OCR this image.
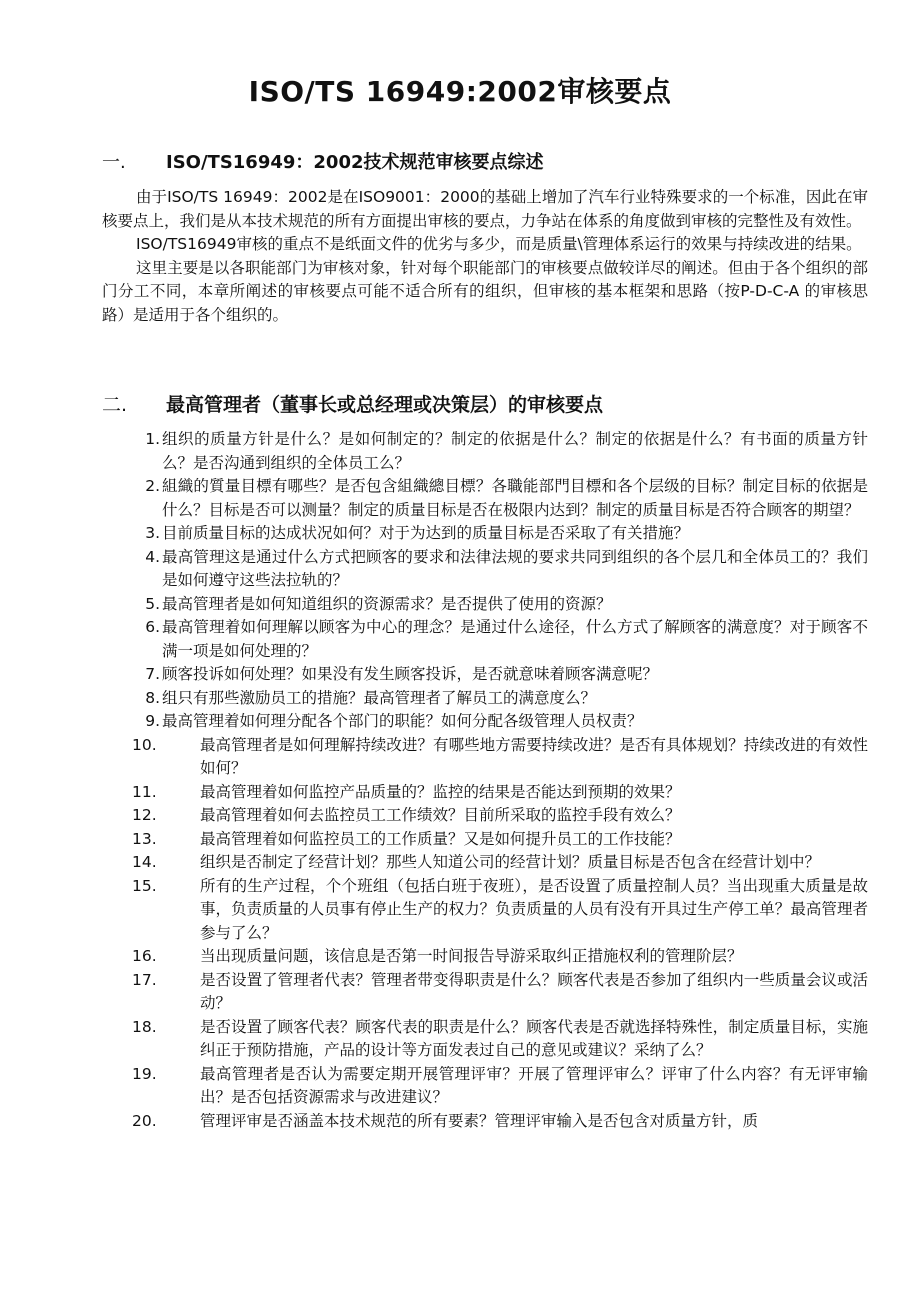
ISO/TS 16949:2002审核要点
一. ISO/TS16949：2002技术规范审核要点综述

由于ISO/TS 16949：2002是在ISO9001：2000的基础上增加了汽车行业特殊要求的一个标准，因此在审核要点上，我们是从本技术规范的所有方面提出审核的要点，力争站在体系的角度做到审核的完整性及有效性。

ISO/TS16949审核的重点不是纸面文件的优劣与多少，而是质量\管理体系运行的效果与持续改进的结果。

这里主要是以各职能部门为审核对象，针对每个职能部门的审核要点做较详尽的阐述。但由于各个组织的部门分工不同，本章所阐述的审核要点可能不适合所有的组织，但审核的基本框架和思路（按P-D-C-A 的审核思路）是适用于各个组织的。

二. 最高管理者（董事长或总经理或决策层）的审核要点
1. 组织的质量方针是什么？是如何制定的？制定的依据是什么？制定的依据是什么？有书面的质量方针么？是否沟通到组织的全体员工么？
2. 組織的質量目標有哪些？是否包含組織總目標？各職能部門目標和各个层级的目标？制定目标的依据是什么？目标是否可以测量？制定的质量目标是否在极限内达到？制定的质量目标是否符合顾客的期望？
3. 目前质量目标的达成状况如何？对于为达到的质量目标是否采取了有关措施？
4. 最高管理这是通过什么方式把顾客的要求和法律法规的要求共同到组织的各个层几和全体员工的？我们是如何遵守这些法拉轨的？
5. 最高管理者是如何知道组织的资源需求？是否提供了使用的资源？
6. 最高管理着如何理解以顾客为中心的理念？是通过什么途径，什么方式了解顾客的满意度？对于顾客不满一项是如何处理的？
7. 顾客投诉如何处理？如果没有发生顾客投诉，是否就意味着顾客满意呢？
8. 组只有那些激励员工的措施？最高管理者了解员工的满意度么？
9. 最高管理着如何理分配各个部门的职能？如何分配各级管理人员权责？
10.	最高管理者是如何理解持续改进？有哪些地方需要持续改进？是否有具体规划？持续改进的有效性如何？
11.	最高管理着如何监控产品质量的？监控的结果是否能达到预期的效果？
12.	最高管理着如何去监控员工工作绩效？目前所采取的监控手段有效么？
13.	最高管理着如何监控员工的工作质量？又是如何提升员工的工作技能？
14.	组织是否制定了经营计划？那些人知道公司的经营计划？质量目标是否包含在经营计划中？
15.	所有的生产过程，个个班组（包括白班于夜班），是否设置了质量控制人员？当出现重大质量是故事，负责质量的人员事有停止生产的权力？负责质量的人员有没有开具过生产停工单？最高管理者参与了么？
16.	当出现质量问题，该信息是否第一时间报告导游采取纠正措施权利的管理阶层？
17.	是否设置了管理者代表？管理者带变得职责是什么？顾客代表是否参加了组织内一些质量会议或活动？
18.	是否设置了顾客代表？顾客代表的职责是什么？顾客代表是否就选择特殊性，制定质量目标，实施纠正于预防措施，产品的设计等方面发表过自己的意见或建议？采纳了么？
19.	最高管理者是否认为需要定期开展管理评审？开展了管理评审么？评审了什么内容？有无评审输出？是否包括资源需求与改进建议？
20.	管理评审是否涵盖本技术规范的所有要素？管理评审输入是否包含对质量方针，质
